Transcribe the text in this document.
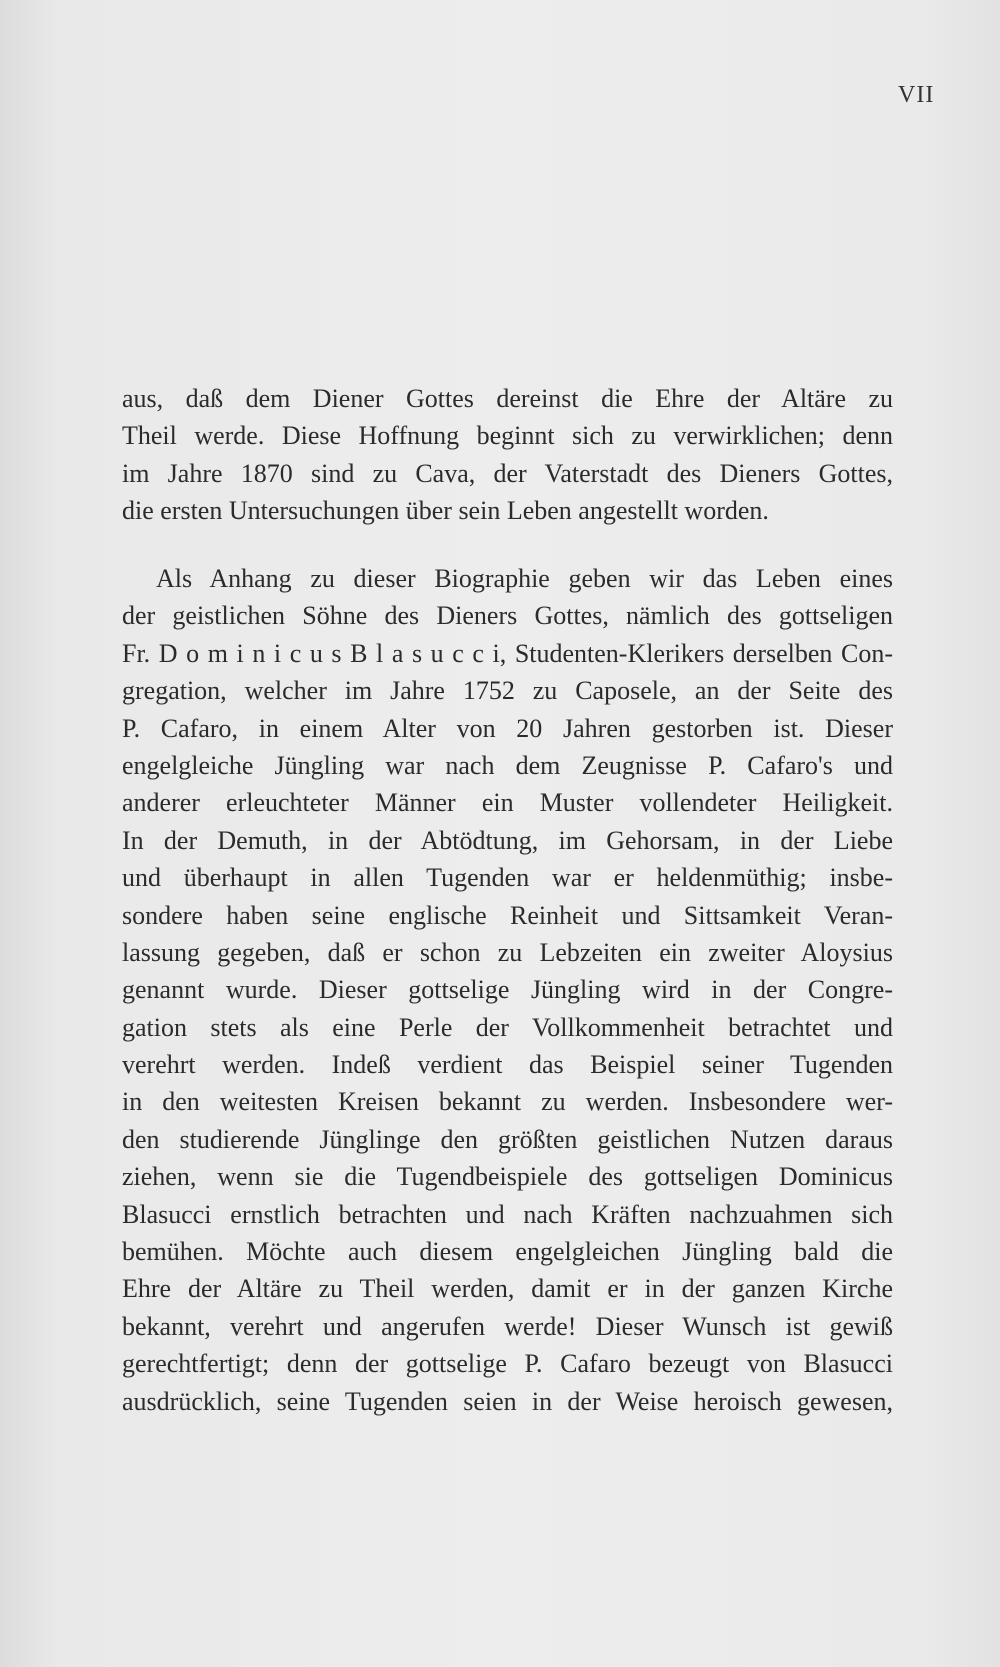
VII
aus, daß dem Diener Gottes dereinst die Ehre der Altäre zu
Theil werde. Diese Hoffnung beginnt sich zu verwirklichen; denn
im Jahre 1870 sind zu Cava, der Vaterstadt des Dieners Gottes,
die ersten Untersuchungen über sein Leben angestellt worden.
Als Anhang zu dieser Biographie geben wir das Leben eines
der geistlichen Söhne des Dieners Gottes, nämlich des gottseligen
Fr. D o m i n i c u s B l a s u c c i, Studenten-Klerikers derselben Con-
gregation, welcher im Jahre 1752 zu Caposele, an der Seite des
P. Cafaro, in einem Alter von 20 Jahren gestorben ist. Dieser
engelgleiche Jüngling war nach dem Zeugnisse P. Cafaro's und
anderer erleuchteter Männer ein Muster vollendeter Heiligkeit.
In der Demuth, in der Abtödtung, im Gehorsam, in der Liebe
und überhaupt in allen Tugenden war er heldenmüthig; insbe-
sondere haben seine englische Reinheit und Sittsamkeit Veran-
lassung gegeben, daß er schon zu Lebzeiten ein zweiter Aloysius
genannt wurde. Dieser gottselige Jüngling wird in der Congre-
gation stets als eine Perle der Vollkommenheit betrachtet und
verehrt werden. Indeß verdient das Beispiel seiner Tugenden
in den weitesten Kreisen bekannt zu werden. Insbesondere wer-
den studierende Jünglinge den größten geistlichen Nutzen daraus
ziehen, wenn sie die Tugendbeispiele des gottseligen Dominicus
Blasucci ernstlich betrachten und nach Kräften nachzuahmen sich
bemühen. Möchte auch diesem engelgleichen Jüngling bald die
Ehre der Altäre zu Theil werden, damit er in der ganzen Kirche
bekannt, verehrt und angerufen werde! Dieser Wunsch ist gewiß
gerechtfertigt; denn der gottselige P. Cafaro bezeugt von Blasucci
ausdrücklich, seine Tugenden seien in der Weise heroisch gewesen,
